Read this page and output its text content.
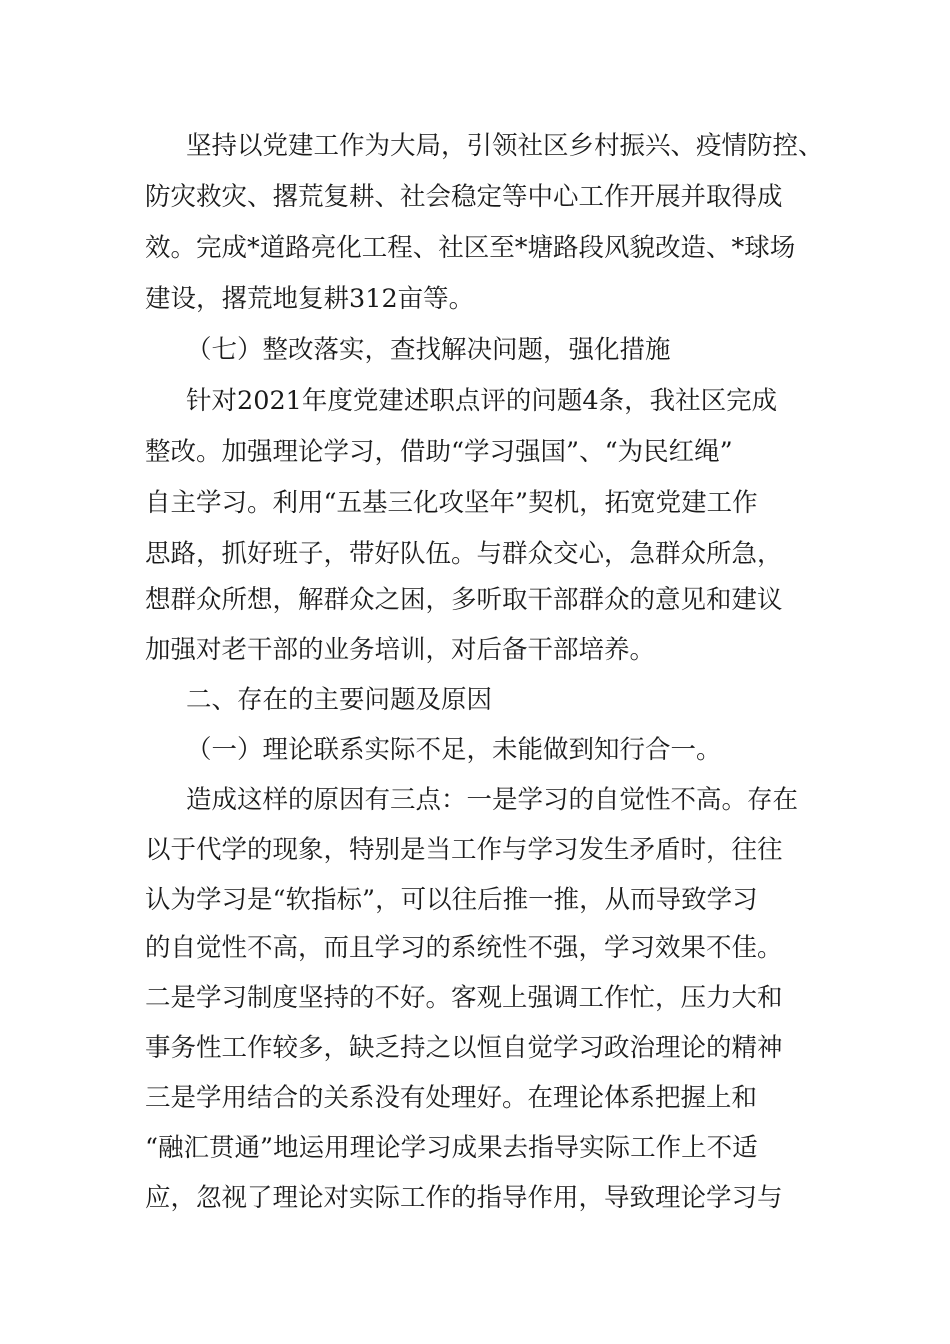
坚持以党建工作为大局，引领社区乡村振兴、疫情防控、
防灾救灾、撂荒复耕、社会稳定等中心工作开展并取得成
效。完成*道路亮化工程、社区至*塘路段风貌改造、*球场
建设，撂荒地复耕312亩等。
（七）整改落实，查找解决问题，强化措施
针对2021年度党建述职点评的问题4条，我社区完成
整改。加强理论学习，借助“学习强国”、“为民红绳”
自主学习。利用“五基三化攻坚年”契机，拓宽党建工作
思路，抓好班子，带好队伍。与群众交心，急群众所急，
想群众所想，解群众之困，多听取干部群众的意见和建议
加强对老干部的业务培训，对后备干部培养。
二、存在的主要问题及原因
（一）理论联系实际不足，未能做到知行合一。
造成这样的原因有三点：一是学习的自觉性不高。存在
以于代学的现象，特别是当工作与学习发生矛盾时，往往
认为学习是“软指标”，可以往后推一推，从而导致学习
的自觉性不高，而且学习的系统性不强，学习效果不佳。
二是学习制度坚持的不好。客观上强调工作忙，压力大和
事务性工作较多，缺乏持之以恒自觉学习政治理论的精神
三是学用结合的关系没有处理好。在理论体系把握上和
“融汇贯通”地运用理论学习成果去指导实际工作上不适
应，忽视了理论对实际工作的指导作用，导致理论学习与
